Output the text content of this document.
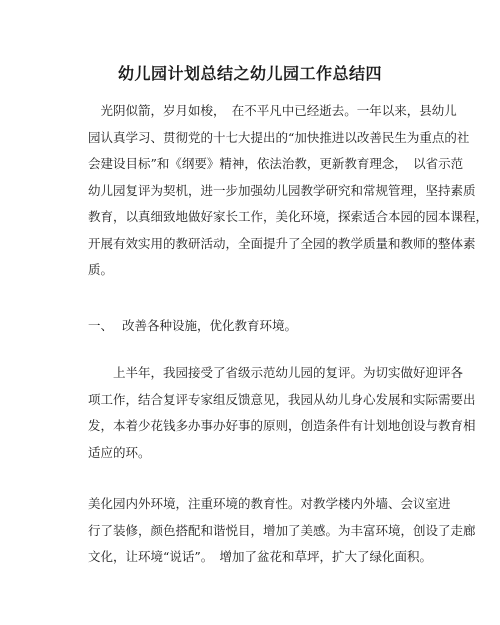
幼儿园计划总结之幼儿园工作总结四

　光阴似箭，岁月如梭，　在不平凡中已经逝去。一年以来，县幼儿
园认真学习、贯彻党的十七大提出的“加快推进以改善民生为重点的社
会建设目标”和《纲要》精神，依法治教，更新教育理念，　以省示范
幼儿园复评为契机，进一步加强幼儿园教学研究和常规管理，坚持素质
教育，以真细致地做好家长工作，美化环境，探索适合本园的园本课程，
开展有效实用的教研活动，全面提升了全园的教学质量和教师的整体素
质。

一、 改善各种设施，优化教育环境。

　　上半年，我园接受了省级示范幼儿园的复评。为切实做好迎评各
项工作，结合复评专家组反馈意见，我园从幼儿身心发展和实际需要出
发，本着少花钱多办事办好事的原则，创造条件有计划地创设与教育相
适应的环。

美化园内外环境，注重环境的教育性。对教学楼内外墙、会议室进
行了装修，颜色搭配和谐悦目，增加了美感。为丰富环境，创设了走廊
文化，让环境“说话”。　增加了盆花和草坪，扩大了绿化面积。
